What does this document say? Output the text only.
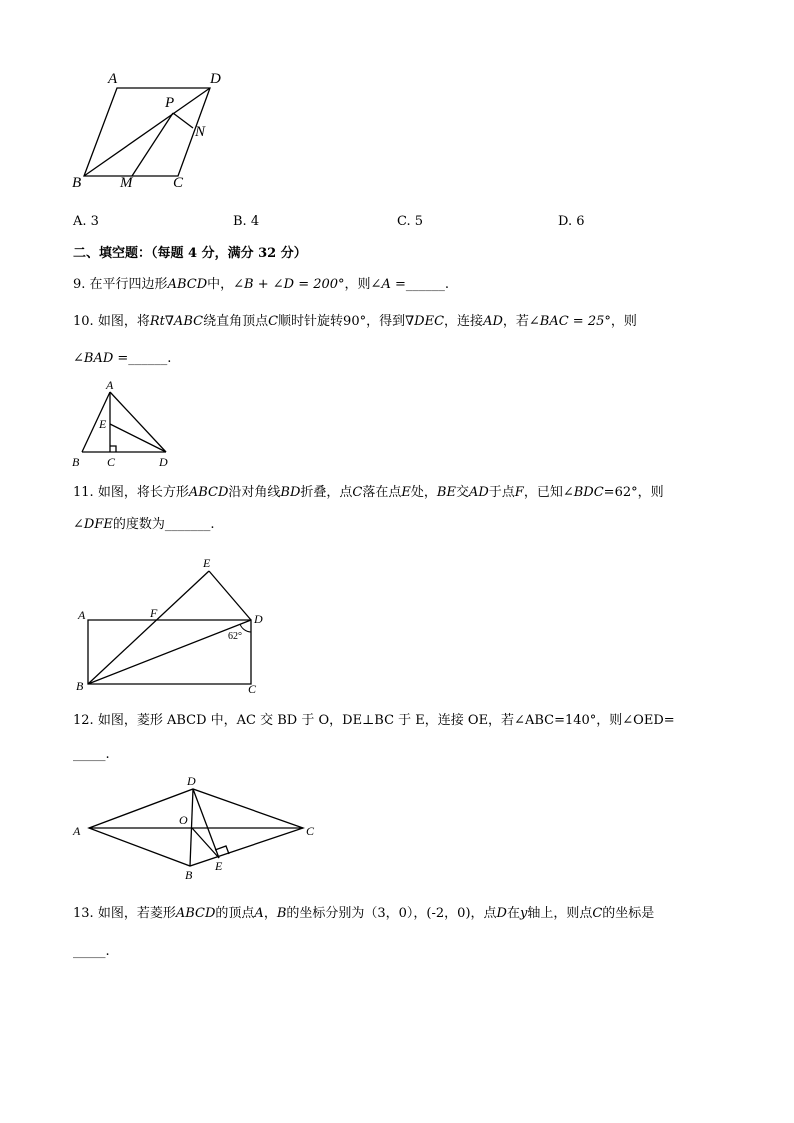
A	D
P
N
B	M	C
A. 3	B. 4	C. 5	D. 6
二、填空题：（每题 4 分，满分 32 分）
9. 在平行四边形ABCD中，∠B + ∠D = 200°，则∠A =______.
10. 如图，将Rt∇ABC绕直角顶点C顺时针旋转90°，得到∇DEC，连接AD，若∠BAC = 25°，则
∠BAD =______.
A
E
B C	D
11. 如图，将长方形ABCD沿对角线BD折叠，点C落在点E处，BE交AD于点F，已知∠BDC=62°，则
∠DFE的度数为_______.
E
A	F	D
62°
B	C
12. 如图，菱形 ABCD 中，AC 交 BD 于 O，DE⊥BC 于 E，连接 OE，若∠ABC=140°，则∠OED=
_____.
D
A
O
C
B
E
13. 如图，若菱形ABCD的顶点A，B的坐标分别为（3，0），(-2，0)，点D在y轴上，则点C的坐标是
_____.
